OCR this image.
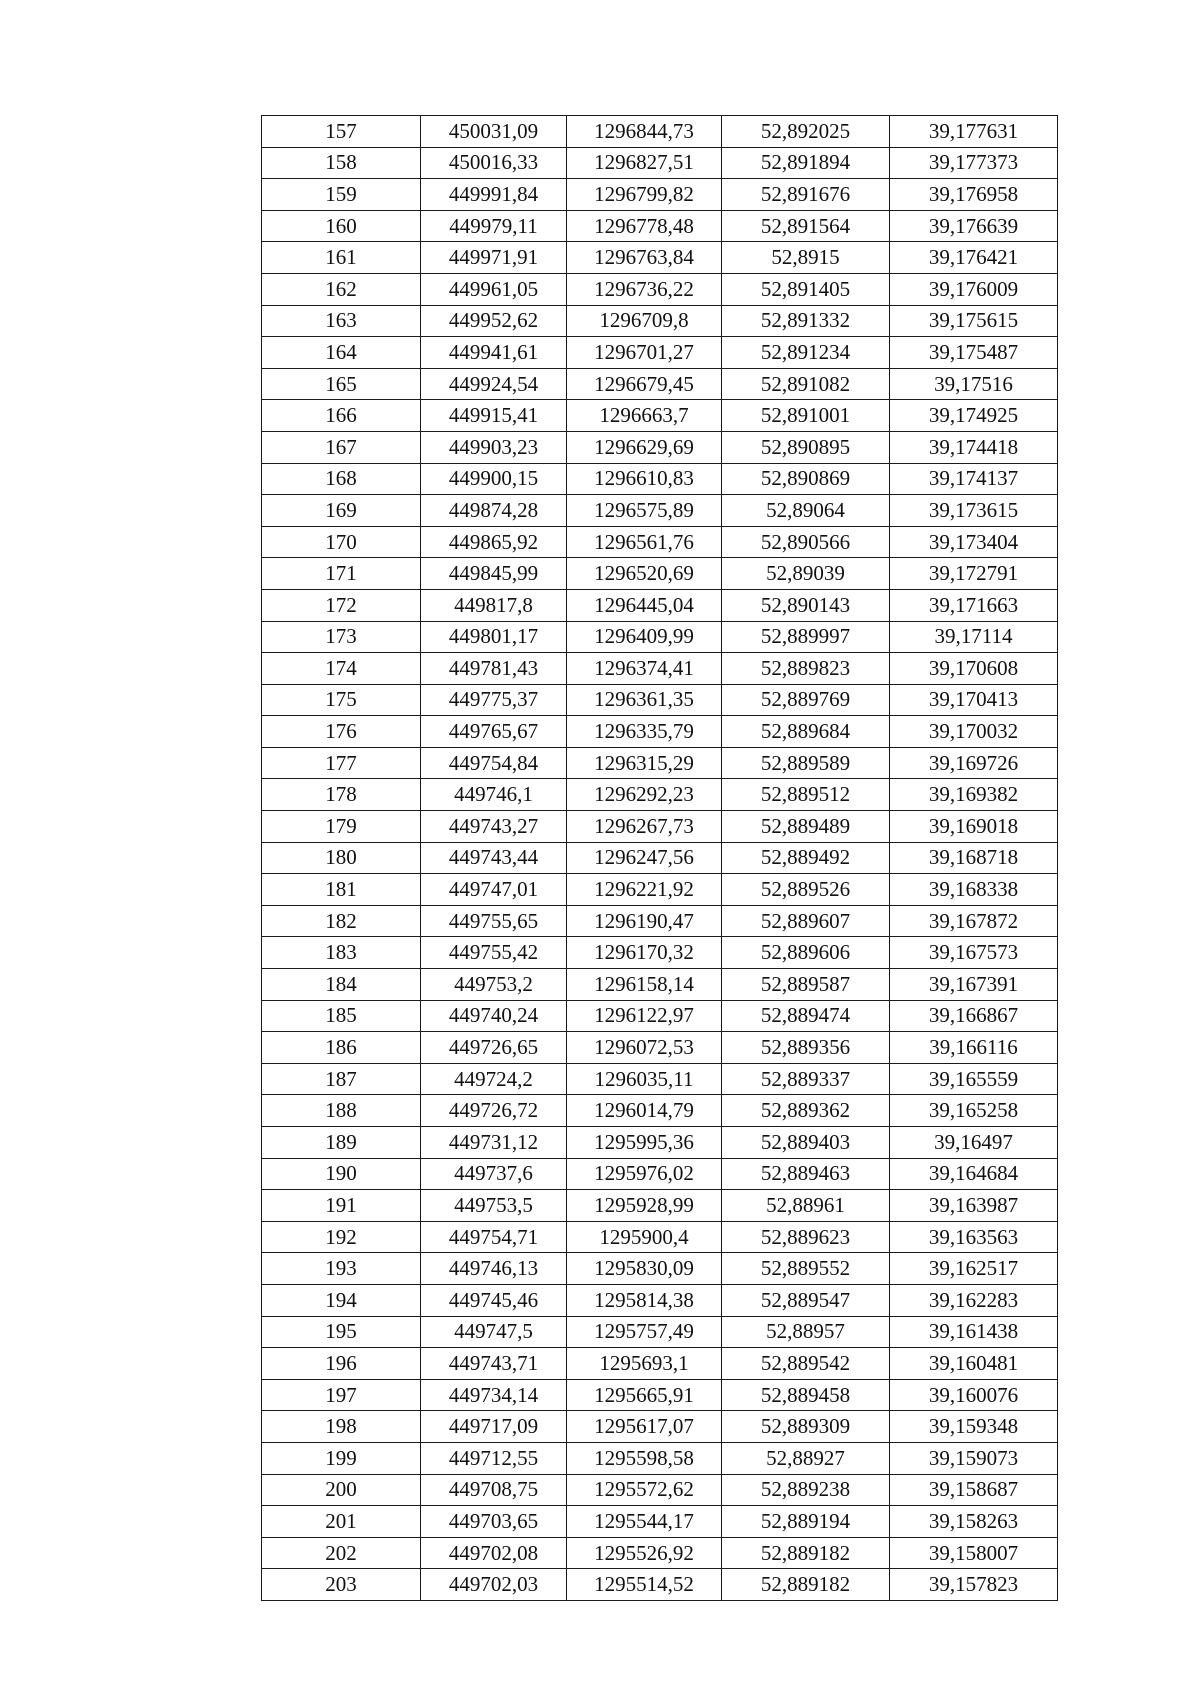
157	450031,09	1296844,73	52,892025	39,177631
158	450016,33	1296827,51	52,891894	39,177373
159	449991,84	1296799,82	52,891676	39,176958
160	449979,11	1296778,48	52,891564	39,176639
161	449971,91	1296763,84	52,8915	39,176421
162	449961,05	1296736,22	52,891405	39,176009
163	449952,62	1296709,8	52,891332	39,175615
164	449941,61	1296701,27	52,891234	39,175487
165	449924,54	1296679,45	52,891082	39,17516
166	449915,41	1296663,7	52,891001	39,174925
167	449903,23	1296629,69	52,890895	39,174418
168	449900,15	1296610,83	52,890869	39,174137
169	449874,28	1296575,89	52,89064	39,173615
170	449865,92	1296561,76	52,890566	39,173404
171	449845,99	1296520,69	52,89039	39,172791
172	449817,8	1296445,04	52,890143	39,171663
173	449801,17	1296409,99	52,889997	39,17114
174	449781,43	1296374,41	52,889823	39,170608
175	449775,37	1296361,35	52,889769	39,170413
176	449765,67	1296335,79	52,889684	39,170032
177	449754,84	1296315,29	52,889589	39,169726
178	449746,1	1296292,23	52,889512	39,169382
179	449743,27	1296267,73	52,889489	39,169018
180	449743,44	1296247,56	52,889492	39,168718
181	449747,01	1296221,92	52,889526	39,168338
182	449755,65	1296190,47	52,889607	39,167872
183	449755,42	1296170,32	52,889606	39,167573
184	449753,2	1296158,14	52,889587	39,167391
185	449740,24	1296122,97	52,889474	39,166867
186	449726,65	1296072,53	52,889356	39,166116
187	449724,2	1296035,11	52,889337	39,165559
188	449726,72	1296014,79	52,889362	39,165258
189	449731,12	1295995,36	52,889403	39,16497
190	449737,6	1295976,02	52,889463	39,164684
191	449753,5	1295928,99	52,88961	39,163987
192	449754,71	1295900,4	52,889623	39,163563
193	449746,13	1295830,09	52,889552	39,162517
194	449745,46	1295814,38	52,889547	39,162283
195	449747,5	1295757,49	52,88957	39,161438
196	449743,71	1295693,1	52,889542	39,160481
197	449734,14	1295665,91	52,889458	39,160076
198	449717,09	1295617,07	52,889309	39,159348
199	449712,55	1295598,58	52,88927	39,159073
200	449708,75	1295572,62	52,889238	39,158687
201	449703,65	1295544,17	52,889194	39,158263
202	449702,08	1295526,92	52,889182	39,158007
203	449702,03	1295514,52	52,889182	39,157823
